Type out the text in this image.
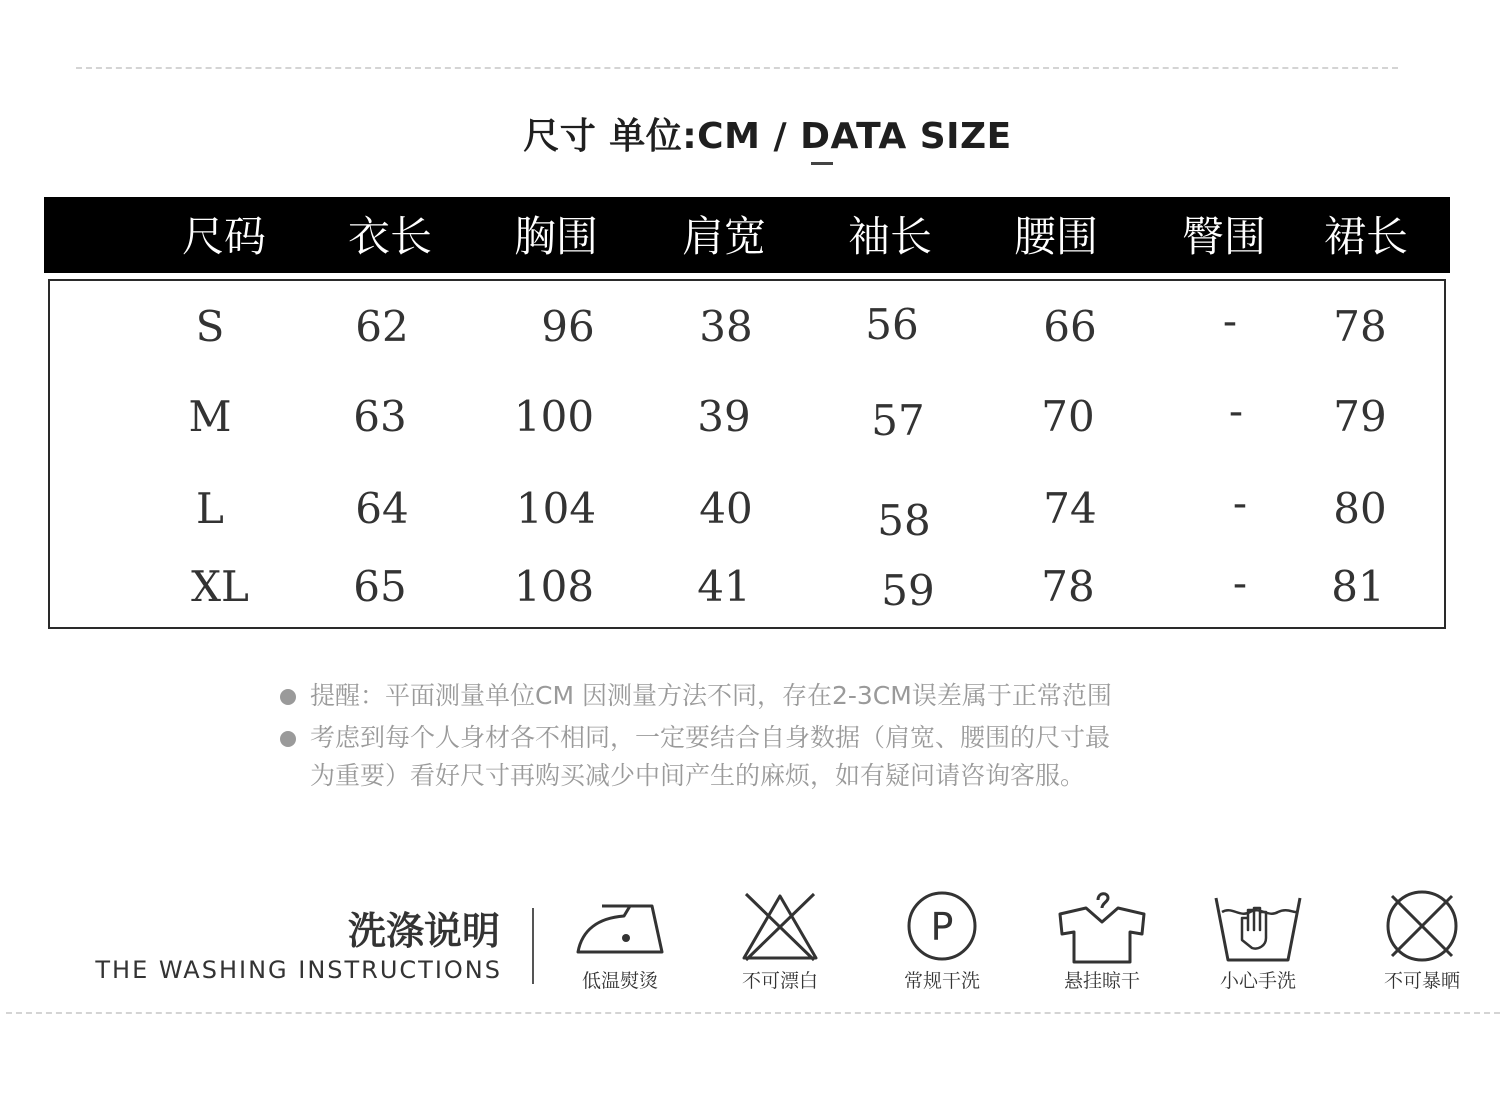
尺寸 单位:CM / DATA SIZE
尺码	衣长	胸围	肩宽	袖长	腰围	臀围	裙长
S	62	96	38	56	66	-	78
M	63	100	39	57	70	-	79
L	64	104	40	58	74	-	80
XL	65	108	41	59	78	-	81
提醒：平面测量单位CM 因测量方法不同，存在2-3CM误差属于正常范围
考虑到每个人身材各不相同，一定要结合自身数据（肩宽、腰围的尺寸最
为重要）看好尺寸再购买减少中间产生的麻烦，如有疑问请咨询客服。
洗涤说明
THE WASHING INSTRUCTIONS	低温熨烫	不可漂白
P
常规干洗	悬挂晾干	小心手洗	不可暴晒
